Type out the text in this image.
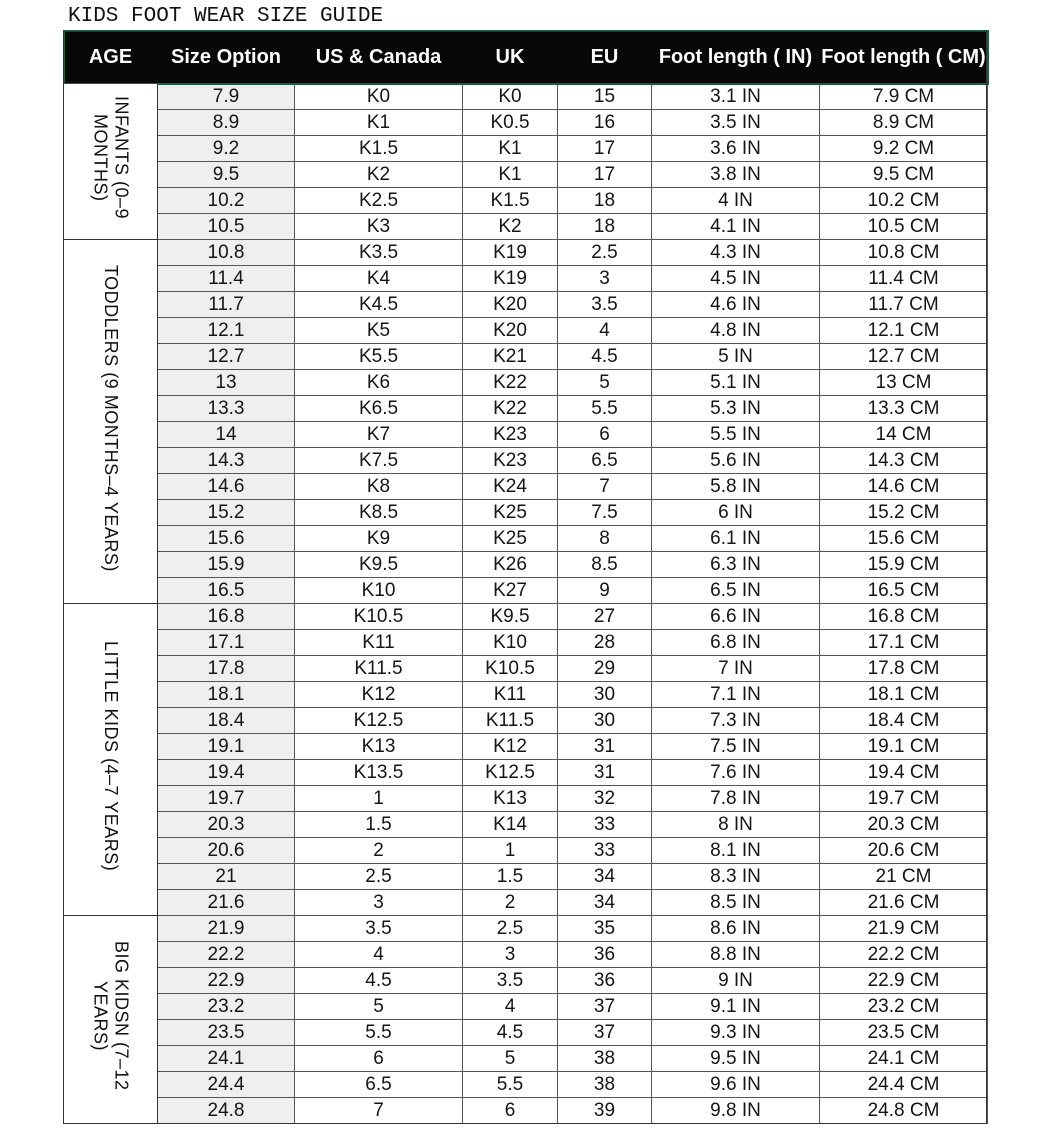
KIDS FOOT WEAR SIZE GUIDE
AGE	Size Option	US & Canada	UK	EU	Foot length ( IN)	Foot length ( CM)
INFANTS (0–9 MONTHS)	7.9	K0	K0	15	3.1 IN	7.9 CM
	8.9	K1	K0.5	16	3.5 IN	8.9 CM
	9.2	K1.5	K1	17	3.6 IN	9.2 CM
	9.5	K2	K1	17	3.8 IN	9.5 CM
	10.2	K2.5	K1.5	18	4 IN	10.2 CM
	10.5	K3	K2	18	4.1 IN	10.5 CM
TODDLERS (9 MONTHS–4 YEARS)	10.8	K3.5	K19	2.5	4.3 IN	10.8 CM
	11.4	K4	K19	3	4.5 IN	11.4 CM
	11.7	K4.5	K20	3.5	4.6 IN	11.7 CM
	12.1	K5	K20	4	4.8 IN	12.1 CM
	12.7	K5.5	K21	4.5	5 IN	12.7 CM
	13	K6	K22	5	5.1 IN	13 CM
	13.3	K6.5	K22	5.5	5.3 IN	13.3 CM
	14	K7	K23	6	5.5 IN	14 CM
	14.3	K7.5	K23	6.5	5.6 IN	14.3 CM
	14.6	K8	K24	7	5.8 IN	14.6 CM
	15.2	K8.5	K25	7.5	6 IN	15.2 CM
	15.6	K9	K25	8	6.1 IN	15.6 CM
	15.9	K9.5	K26	8.5	6.3 IN	15.9 CM
	16.5	K10	K27	9	6.5 IN	16.5 CM
LITTLE KIDS (4–7 YEARS)	16.8	K10.5	K9.5	27	6.6 IN	16.8 CM
	17.1	K11	K10	28	6.8 IN	17.1 CM
	17.8	K11.5	K10.5	29	7 IN	17.8 CM
	18.1	K12	K11	30	7.1 IN	18.1 CM
	18.4	K12.5	K11.5	30	7.3 IN	18.4 CM
	19.1	K13	K12	31	7.5 IN	19.1 CM
	19.4	K13.5	K12.5	31	7.6 IN	19.4 CM
	19.7	1	K13	32	7.8 IN	19.7 CM
	20.3	1.5	K14	33	8 IN	20.3 CM
	20.6	2	1	33	8.1 IN	20.6 CM
	21	2.5	1.5	34	8.3 IN	21 CM
	21.6	3	2	34	8.5 IN	21.6 CM
BIG KIDSN (7–12 YEARS)	21.9	3.5	2.5	35	8.6 IN	21.9 CM
	22.2	4	3	36	8.8 IN	22.2 CM
	22.9	4.5	3.5	36	9 IN	22.9 CM
	23.2	5	4	37	9.1 IN	23.2 CM
	23.5	5.5	4.5	37	9.3 IN	23.5 CM
	24.1	6	5	38	9.5 IN	24.1 CM
	24.4	6.5	5.5	38	9.6 IN	24.4 CM
	24.8	7	6	39	9.8 IN	24.8 CM
